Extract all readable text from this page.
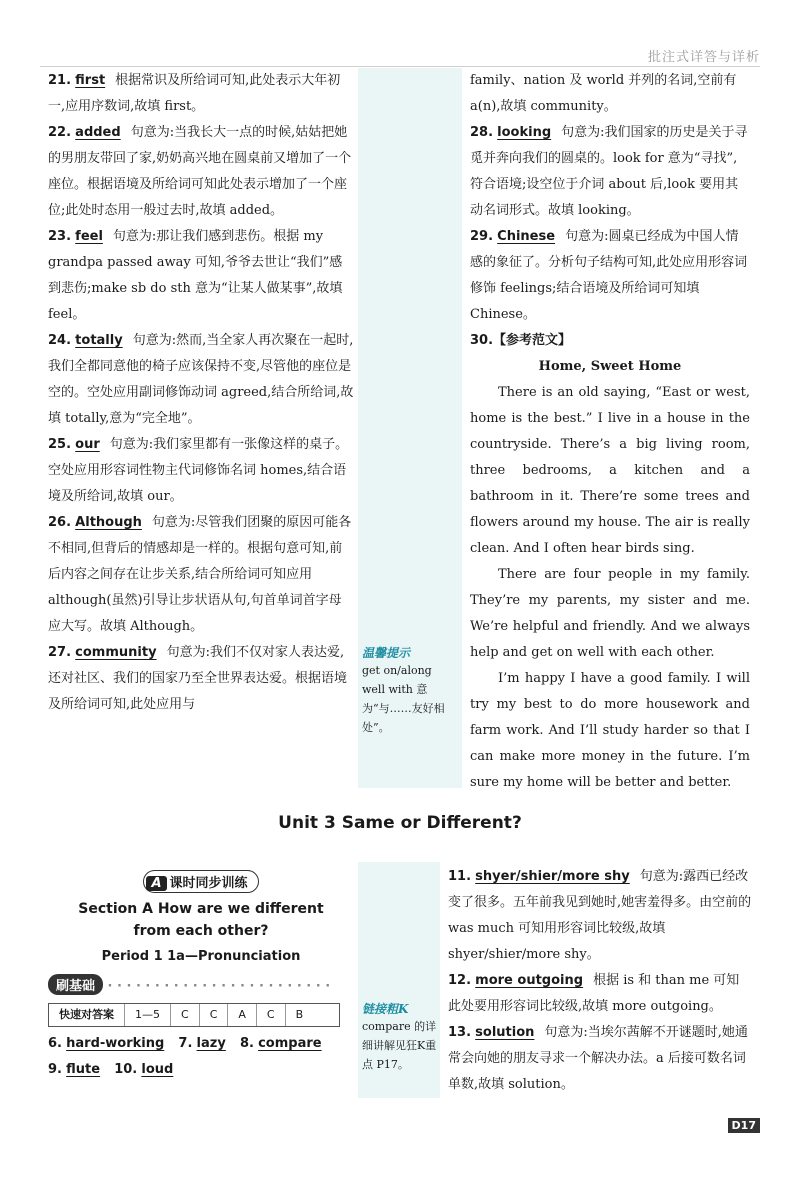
批注式详答与详析
21. first 根据常识及所给词可知,此处表示大年初一,应用序数词,故填 first。
22. added 句意为:当我长大一点的时候,姑姑把她的男朋友带回了家,奶奶高兴地在圆桌前又增加了一个座位。根据语境及所给词可知此处表示增加了一个座位;此处时态用一般过去时,故填 added。
23. feel 句意为:那让我们感到悲伤。根据 my grandpa passed away 可知,爷爷去世让“我们”感到悲伤;make sb do sth 意为“让某人做某事”,故填 feel。
24. totally 句意为:然而,当全家人再次聚在一起时,我们全都同意他的椅子应该保持不变,尽管他的座位是空的。空处应用副词修饰动词 agreed,结合所给词,故填 totally,意为“完全地”。
25. our 句意为:我们家里都有一张像这样的桌子。空处应用形容词性物主代词修饰名词 homes,结合语境及所给词,故填 our。
26. Although 句意为:尽管我们团聚的原因可能各不相同,但背后的情感却是一样的。根据句意可知,前后内容之间存在让步关系,结合所给词可知应用 although(虽然)引导让步状语从句,句首单词首字母应大写。故填 Although。
27. community 句意为:我们不仅对家人表达爱,还对社区、我们的国家乃至全世界表达爱。根据语境及所给词可知,此处应用与
温馨提示
get on/along well with 意为“与……友好相处”。
family、nation 及 world 并列的名词,空前有 a(n),故填 community。
28. looking 句意为:我们国家的历史是关于寻觅并奔向我们的圆桌的。look for 意为“寻找”,符合语境;设空位于介词 about 后,look 要用其动名词形式。故填 looking。
29. Chinese 句意为:圆桌已经成为中国人情感的象征了。分析句子结构可知,此处应用形容词修饰 feelings;结合语境及所给词可知填 Chinese。
30.【参考范文】
Home, Sweet Home

There is an old saying, “East or west, home is the best.” I live in a house in the countryside. There’s a big living room, three bedrooms, a kitchen and a bathroom in it. There’re some trees and flowers around my house. The air is really clean. And I often hear birds sing.

There are four people in my family. They’re my parents, my sister and me. We’re helpful and friendly. And we always help and get on well with each other.

I’m happy I have a good family. I will try my best to do more housework and farm work. And I’ll study harder so that I can make more money in the future. I’m sure my home will be better and better.

Unit 3 Same or Different?
A 课时同步训练
Section A How are we different
from each other?
Period 1 1a—Pronunciation
刷基础 · · · · · · · · · · · · · · · · · · · · · · · ·
快速对答案	1—5	C	C	A	C	B
6. hard-working 7. lazy 8. compare
9. flute 10. loud
链接粗K
compare 的详细讲解见狂K重点 P17。
11. shyer/shier/more shy 句意为:露西已经改变了很多。五年前我见到她时,她害羞得多。由空前的 was much 可知用形容词比较级,故填 shyer/shier/more shy。
12. more outgoing 根据 is 和 than me 可知此处要用形容词比较级,故填 more outgoing。
13. solution 句意为:当埃尔茜解不开谜题时,她通常会向她的朋友寻求一个解决办法。a 后接可数名词单数,故填 solution。
D17
